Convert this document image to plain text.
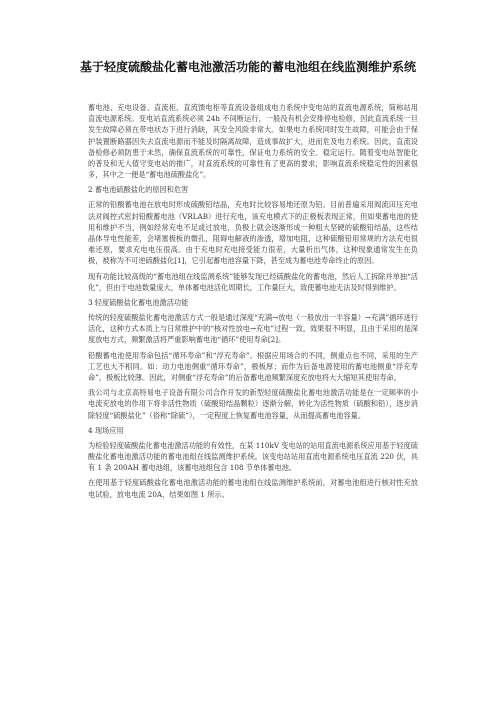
基于轻度硫酸盐化蓄电池激活功能的蓄电池组在线监测维护系统

蓄电池、充电设备、直流柜、直流馈电柜等直流设备组成电力系统中变电站的直流电源系统，简称站用直流电源系统。变电站直流系统必须 24h 不间断运行，一般没有机会安排停电检修，因此直流系统一旦发生故障必须在带电状态下进行消缺，其安全风险非常大。如果电力系统同时发生故障，可能会由于保护装置断路器因失去直流电源而不能及时隔离故障，造成事故扩大，进而危及电力系统。因此，直流设备检修必须防患于未然，确保直流系统的可靠性，保证电力系统的安全、稳定运行。随着变电站智能化的普及和无人值守变电站的推广，对直流系统的可靠性有了更高的要求，影响直流系统稳定性的因素很多，其中之一便是“蓄电池硫酸盐化”。

2 蓄电池硫酸盐化的原因和危害

正常的铅酸蓄电池在放电时形成硫酸铅结晶，充电时比较容易地还原为铅。目前普遍采用阀流田压充电法对阀控式密封铅酸蓄电池（VRLAB）进行充电，该充电模式下的正极板表现正常，但如果蓄电池的使用和维护不当，例如经常充电不足或过放电，负极上就会逐渐形成一种粗大坚硬的硫酸铅结晶，这些结晶体导电性能差，会堵塞极板的微孔，阻碍电解液的渗透，增加电阻，这种硫酸铅用常规的方法充电很难还原，要求充电电压很高。由于充电时充电接受能力很差，大量析出气体，这种现象通常发生在负极，被称为不可逆硫酸盐化[1]，它引起蓄电池容量下降，甚至成为蓄电池寿命终止的原因。

现有功能比较高级的“蓄电池组在线监测系统”能够发现已经硫酸盐化的蓄电池，然后人工拆除并单独“活化”，但由于电池数量庞大，单体蓄电池活化周期长，工作量巨大，致使蓄电池无法及时得到维护。

3 轻度硫酸盐化蓄电池激活功能

传统的轻度硫酸盐化蓄电池激活方式一般是通过深度“充满→放电（一般放出一半容量）→充满”循环进行活化，这种方式本质上与日常维护中的“核对性放电→充电”过程一致，效果很不明显，且由于采用的是深度放电方式，频繁激活将严重影响蓄电池“循环”使用寿命[2]。

铅酸蓄电池使用寿命包括“循环寿命”和“浮充寿命”。根据应用场合的不同，侧重点也不同，采用的生产工艺也大不相同。如：动力电池侧重“循环寿命”，极板厚；而作为后备电源使用的蓄电池侧重“浮充寿命”，极板比较薄。因此，对侧重“浮充寿命”的后备蓄电池频繁深度充放电将大大缩短其使用寿命。

我公司与北京高特易电子设备有限公司合作开发的新型轻度硫酸盐化蓄电池激活功能是在一定频率的小电流充放电的作用下将非活性物质（硫酸铅结晶颗粒）逐渐分解，转化为活性物质（硫酸和铅），逐步消除轻度“硫酸盐化”（俗称“除硫”），一定程度上恢复蓄电池容量，从而提高蓄电池容量。

4 现场应用

为检验轻度硫酸盐化蓄电池激活功能的有效性，在某 110kV 变电站的站用直流电源系统应用基于轻度硫酸盐化蓄电池激活功能的蓄电池组在线监测维护系统。该变电站站用直流电源系统电压直流 220 伏，具有 1 条 200AH 蓄电池组，该蓄电池组包含 108 节单体蓄电池。

在使用基于轻度硫酸盐化蓄电池激活功能的蓄电池组在线监测维护系统前，对蓄电池组进行核对性充放电试验，放电电流 20A，结果如图 1 所示。
